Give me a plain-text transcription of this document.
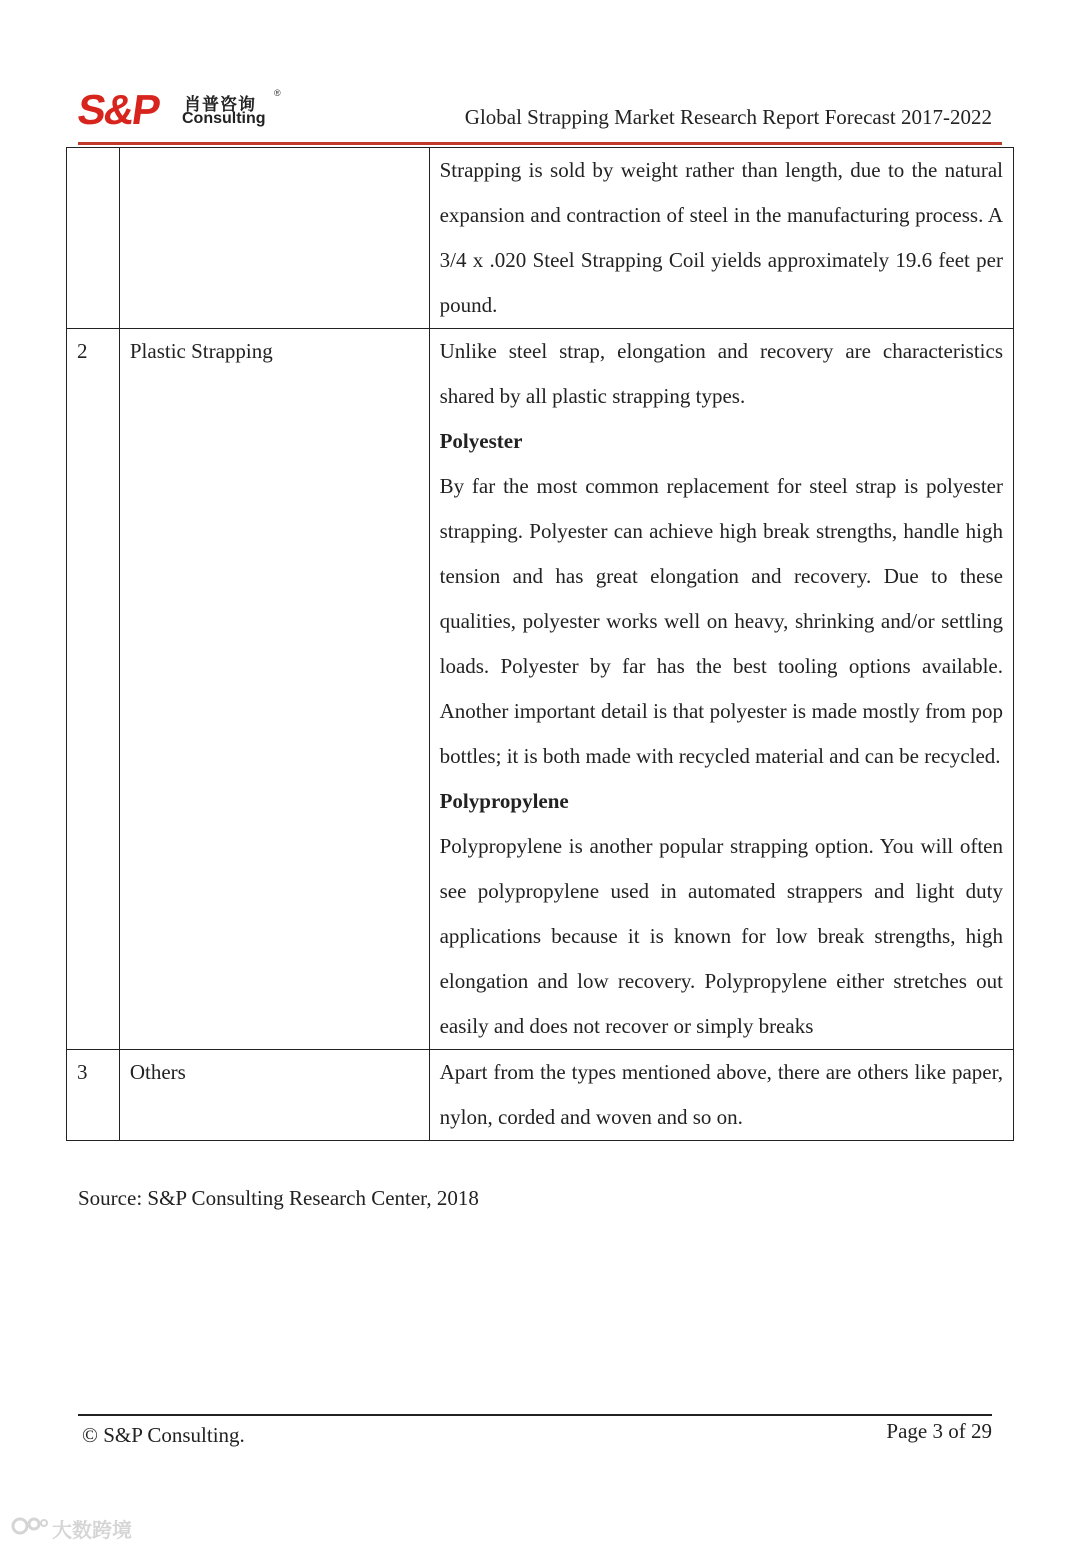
S&P 肖普咨询
®
Consulting	Global Strapping Market Research Report Forecast 2017-2022

		Strapping is sold by weight rather than length, due to the natural expansion and contraction of steel in the manufacturing process. A 3/4 x .020 Steel Strapping Coil yields approximately 19.6 feet per pound.

2	Plastic Strapping	Unlike steel strap, elongation and recovery are characteristics shared by all plastic strapping types.
Polyester
By far the most common replacement for steel strap is polyester strapping. Polyester can achieve high break strengths, handle high tension and has great elongation and recovery. Due to these qualities, polyester works well on heavy, shrinking and/or settling loads. Polyester by far has the best tooling options available. Another important detail is that polyester is made mostly from pop bottles; it is both made with recycled material and can be recycled.
Polypropylene
Polypropylene is another popular strapping option. You will often see polypropylene used in automated strappers and light duty applications because it is known for low break strengths, high elongation and low recovery. Polypropylene either stretches out easily and does not recover or simply breaks

3	Others	Apart from the types mentioned above, there are others like paper, nylon, corded and woven and so on.
Source: S&P Consulting Research Center, 2018
© S&P Consulting.	Page 3 of 29
大数跨境
